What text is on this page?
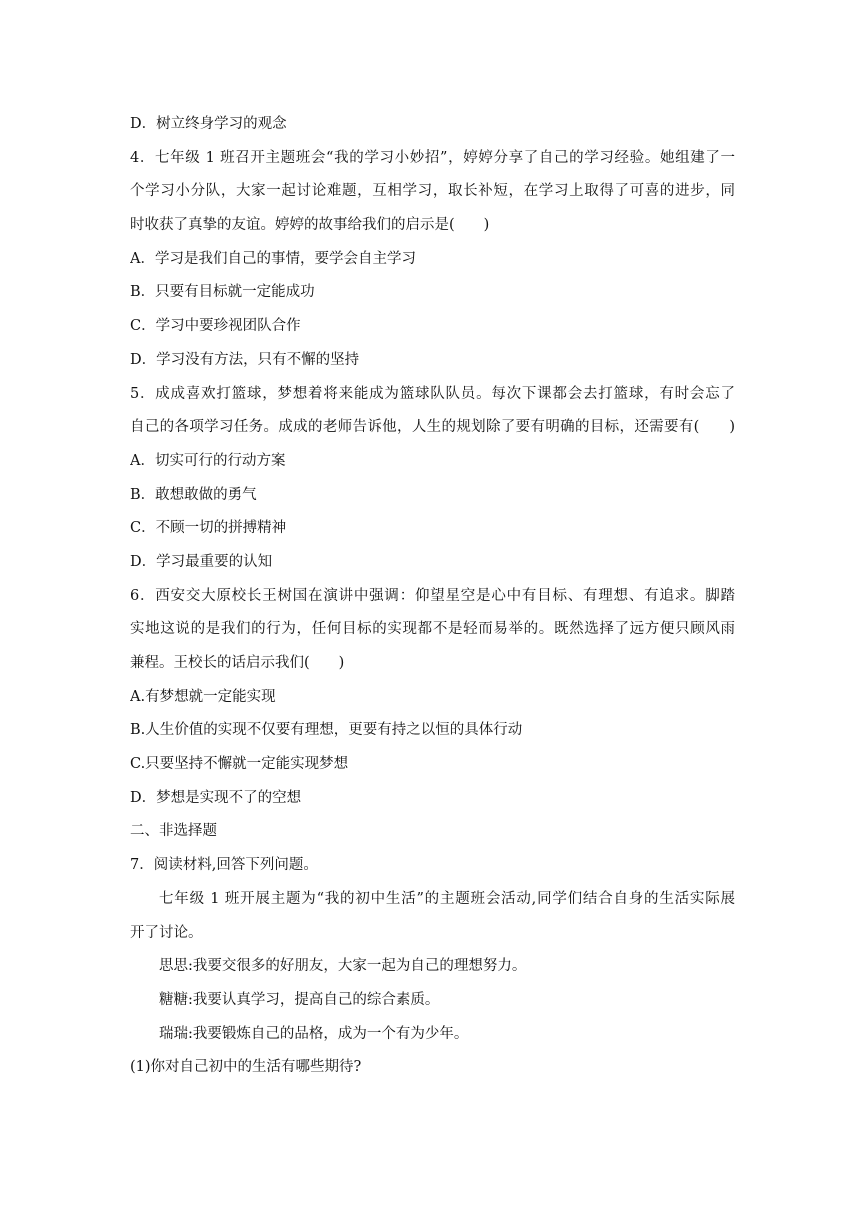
D．树立终身学习的观念
4．七年级 1 班召开主题班会“我的学习小妙招”，婷婷分享了自己的学习经验。她组建了一
个学习小分队，大家一起讨论难题，互相学习，取长补短，在学习上取得了可喜的进步，同
时收获了真挚的友谊。婷婷的故事给我们的启示是(　　)
A．学习是我们自己的事情，要学会自主学习
B．只要有目标就一定能成功
C．学习中要珍视团队合作
D．学习没有方法，只有不懈的坚持
5．成成喜欢打篮球，梦想着将来能成为篮球队队员。每次下课都会去打篮球，有时会忘了
自己的各项学习任务。成成的老师告诉他，人生的规划除了要有明确的目标，还需要有(　　)
A．切实可行的行动方案
B．敢想敢做的勇气
C．不顾一切的拼搏精神
D．学习最重要的认知
6．西安交大原校长王树国在演讲中强调：仰望星空是心中有目标、有理想、有追求。脚踏
实地这说的是我们的行为，任何目标的实现都不是轻而易举的。既然选择了远方便只顾风雨
兼程。王校长的话启示我们(　　)
A.有梦想就一定能实现
B.人生价值的实现不仅要有理想，更要有持之以恒的具体行动
C.只要坚持不懈就一定能实现梦想
D．梦想是实现不了的空想
二、非选择题
7．阅读材料,回答下列问题。
七年级 1 班开展主题为“我的初中生活”的主题班会活动,同学们结合自身的生活实际展
开了讨论。
思思:我要交很多的好朋友，大家一起为自己的理想努力。
糖糖:我要认真学习，提高自己的综合素质。
瑞瑞:我要锻炼自己的品格，成为一个有为少年。
(1)你对自己初中的生活有哪些期待?
